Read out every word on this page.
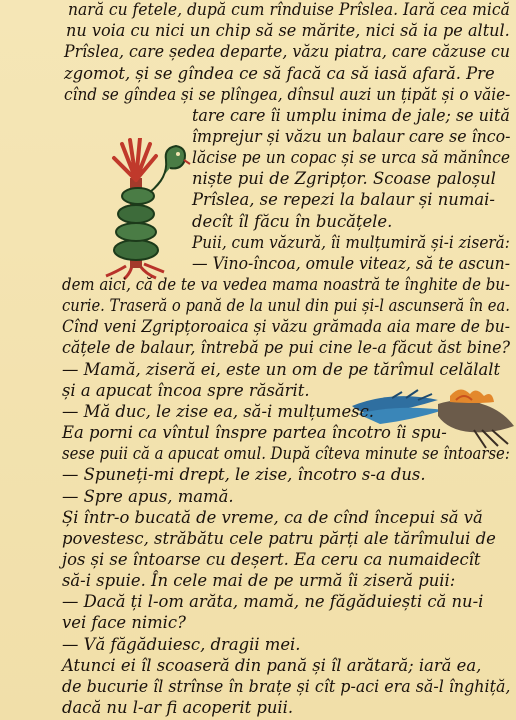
nară cu fetele, după cum rînduise Prîslea. Iară cea mică
nu voia cu nici un chip să se mărite, nici să ia pe altul.
Prîslea, care ședea departe, văzu piatra, care căzuse cu
zgomot, și se gîndea ce să facă ca să iasă afară. Pre
cînd se gîndea și se plîngea, dînsul auzi un țipăt și o văie-
tare care îi umplu inima de jale; se uită
împrejur și văzu un balaur care se înco-
lăcise pe un copac și se urca să mănînce
niște pui de Zgripțor. Scoase paloșul
Prîslea, se repezi la balaur și numai-
decît îl făcu în bucățele.
Puii, cum văzură, îi mulțumiră și-i ziseră:
— Vino-încoa, omule viteaz, să te ascun-
dem aici, că de te va vedea mama noastră te înghite de bu-
curie. Traseră o pană de la unul din pui și-l ascunseră în ea.
Cînd veni Zgripțoroaica și văzu grămada aia mare de bu-
cățele de balaur, întrebă pe pui cine le-a făcut ăst bine?
— Mamă, ziseră ei, este un om de pe tărîmul celălalt
și a apucat încoa spre răsărit.
— Mă duc, le zise ea, să-i mulțumesc.
Ea porni ca vîntul înspre partea încotro îi spu-
sese puii că a apucat omul. După cîteva minute se întoarse:
— Spuneți-mi drept, le zise, încotro s-a dus.
— Spre apus, mamă.
Și într-o bucată de vreme, ca de cînd începui să vă
povestesc, străbătu cele patru părți ale tărîmului de
jos și se întoarse cu deșert. Ea ceru ca numaidecît
să-i spuie. În cele mai de pe urmă îi ziseră puii:
— Dacă ți l-om arăta, mamă, ne făgăduiești că nu-i
vei face nimic?
— Vă făgăduiesc, dragii mei.
Atunci ei îl scoaseră din pană și îl arătară; iară ea,
de bucurie îl strînse în brațe și cît p-aci era să-l înghiță,
dacă nu l-ar fi acoperit puii.
